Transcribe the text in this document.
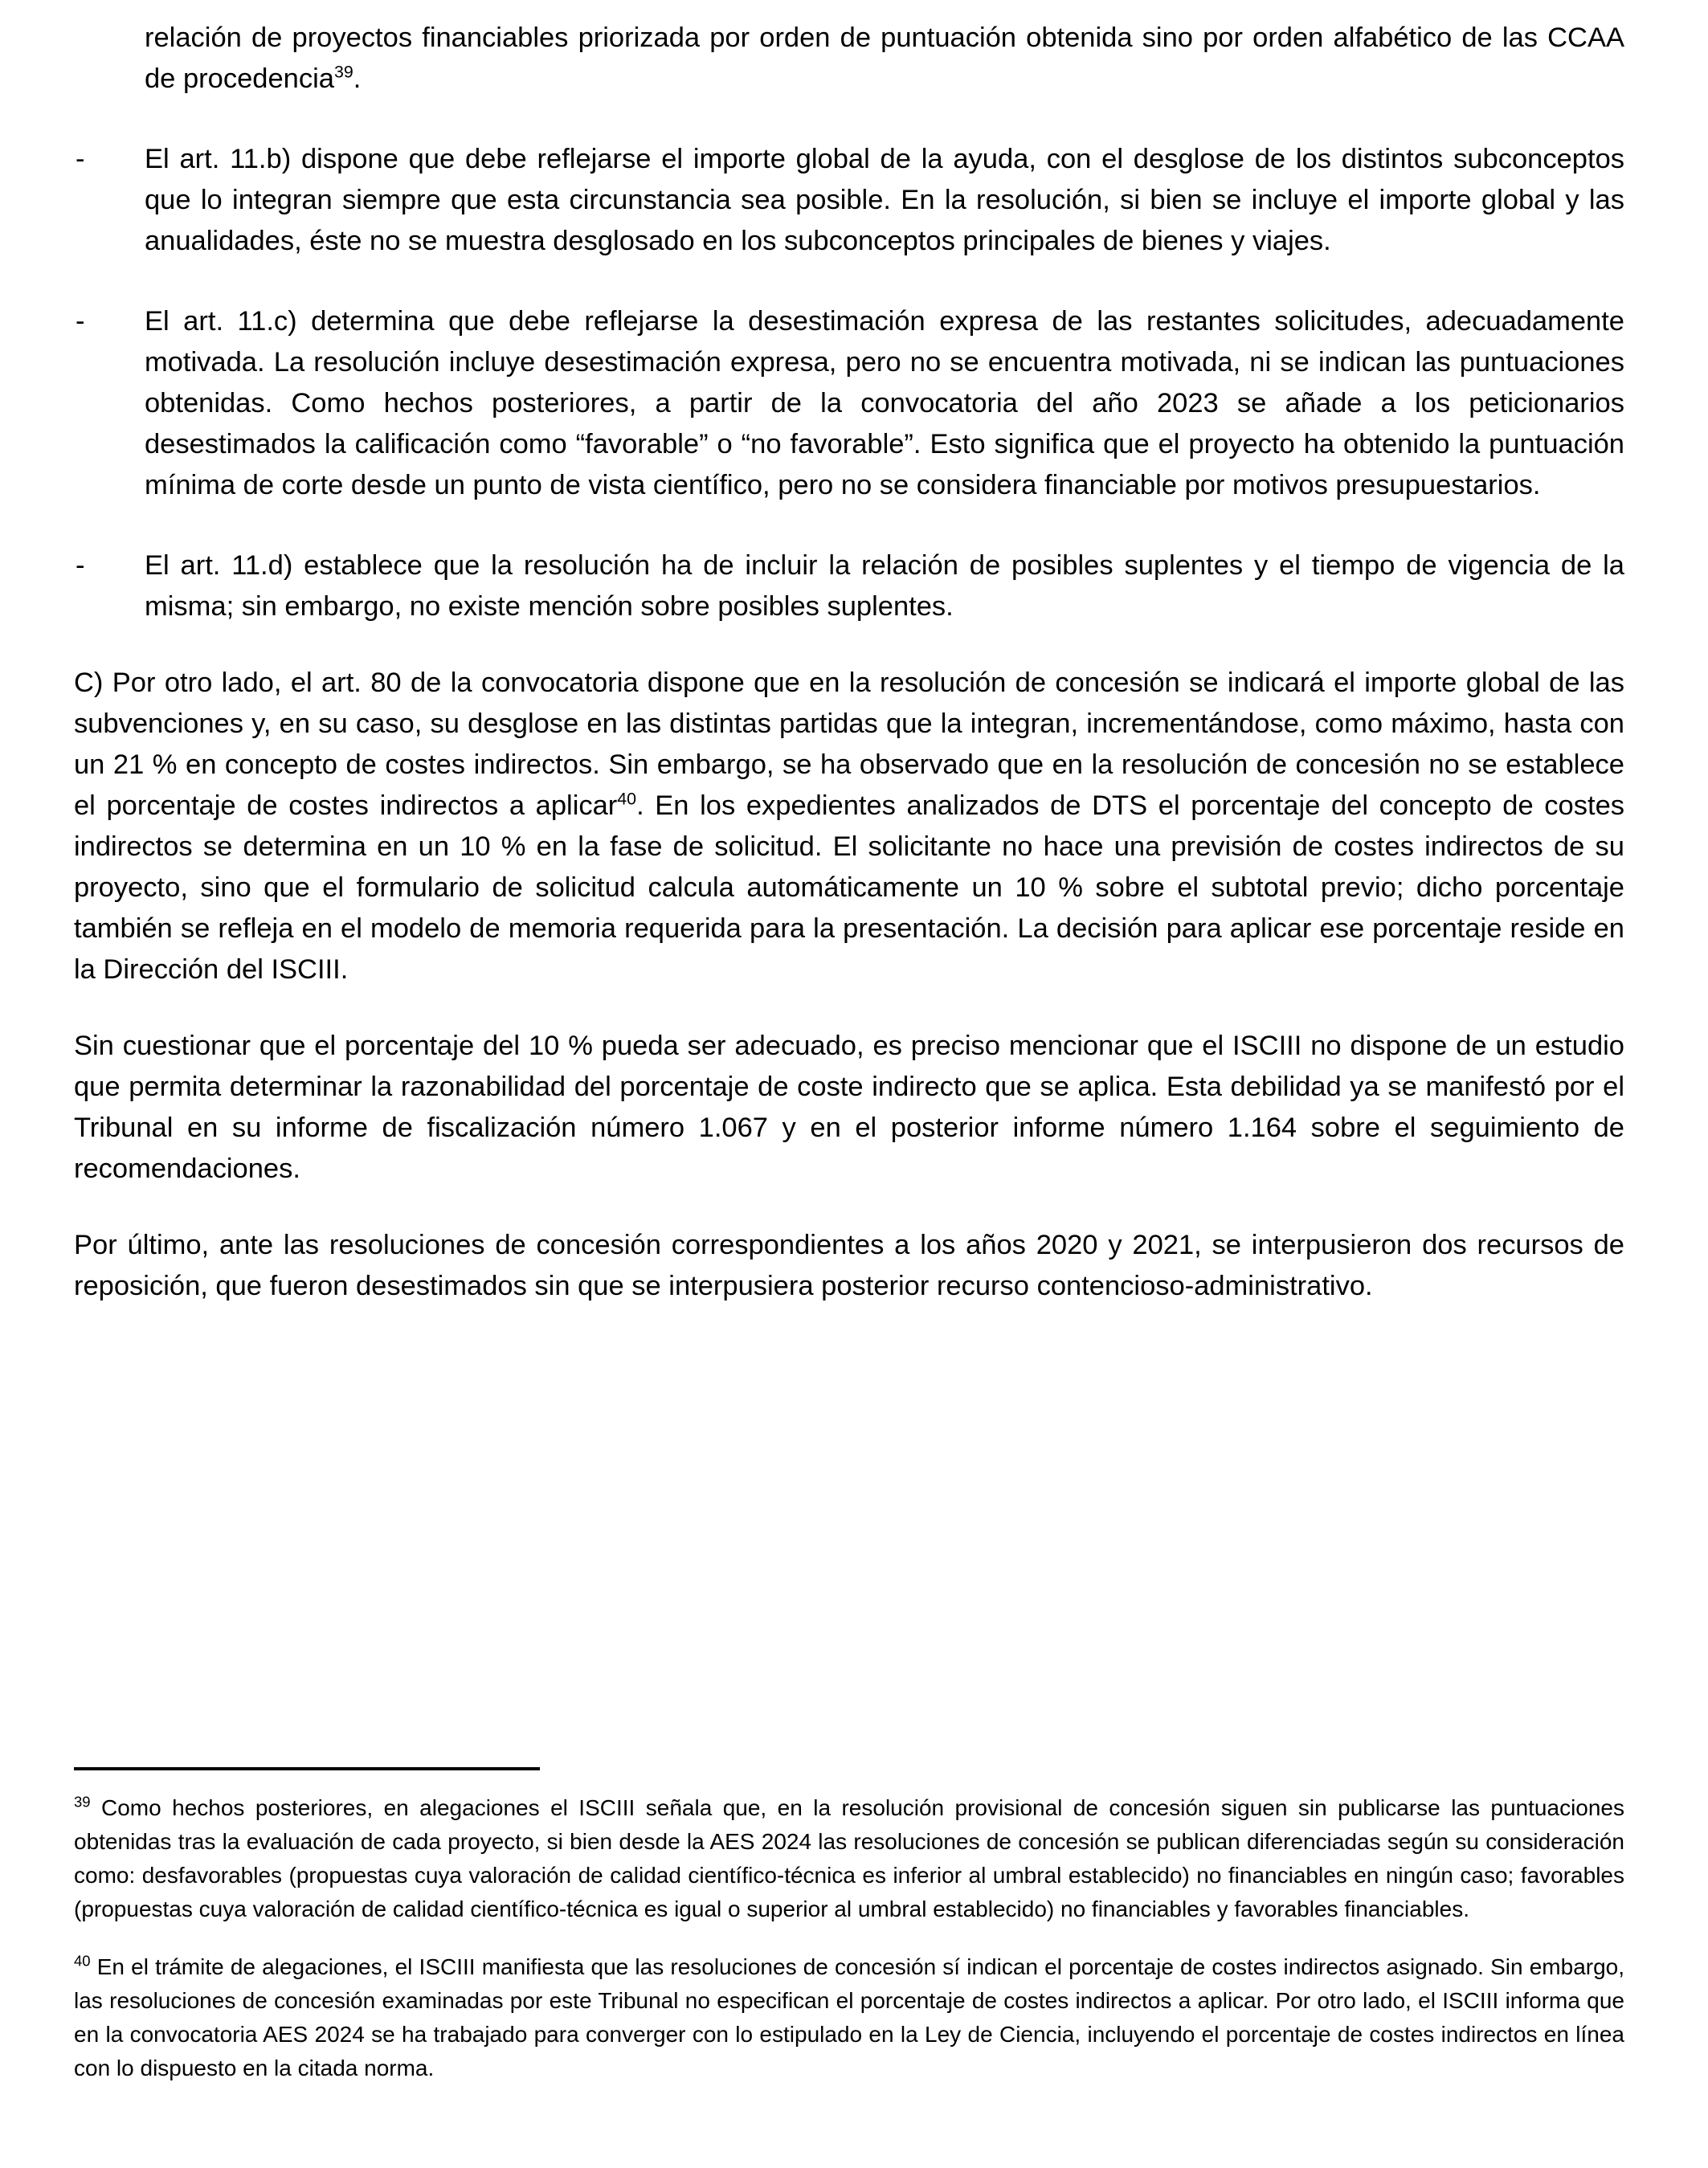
relación de proyectos financiables priorizada por orden de puntuación obtenida sino por orden alfabético de las CCAA de procedencia$^{39}$.

-	El art. 11.b) dispone que debe reflejarse el importe global de la ayuda, con el desglose de los distintos subconceptos que lo integran siempre que esta circunstancia sea posible. En la resolución, si bien se incluye el importe global y las anualidades, éste no se muestra desglosado en los subconceptos principales de bienes y viajes.
-	El art. 11.c) determina que debe reflejarse la desestimación expresa de las restantes solicitudes, adecuadamente motivada. La resolución incluye desestimación expresa, pero no se encuentra motivada, ni se indican las puntuaciones obtenidas. Como hechos posteriores, a partir de la convocatoria del año 2023 se añade a los peticionarios desestimados la calificación como “favorable” o “no favorable”. Esto significa que el proyecto ha obtenido la puntuación mínima de corte desde un punto de vista científico, pero no se considera financiable por motivos presupuestarios.
-	El art. 11.d) establece que la resolución ha de incluir la relación de posibles suplentes y el tiempo de vigencia de la misma; sin embargo, no existe mención sobre posibles suplentes.

C) Por otro lado, el art. 80 de la convocatoria dispone que en la resolución de concesión se indicará el importe global de las subvenciones y, en su caso, su desglose en las distintas partidas que la integran, incrementándose, como máximo, hasta con un 21 % en concepto de costes indirectos. Sin embargo, se ha observado que en la resolución de concesión no se establece el porcentaje de costes indirectos a aplicar$^{40}$. En los expedientes analizados de DTS el porcentaje del concepto de costes indirectos se determina en un 10 % en la fase de solicitud. El solicitante no hace una previsión de costes indirectos de su proyecto, sino que el formulario de solicitud calcula automáticamente un 10 % sobre el subtotal previo; dicho porcentaje también se refleja en el modelo de memoria requerida para la presentación. La decisión para aplicar ese porcentaje reside en la Dirección del ISCIII.

Sin cuestionar que el porcentaje del 10 % pueda ser adecuado, es preciso mencionar que el ISCIII no dispone de un estudio que permita determinar la razonabilidad del porcentaje de coste indirecto que se aplica. Esta debilidad ya se manifestó por el Tribunal en su informe de fiscalización número 1.067 y en el posterior informe número 1.164 sobre el seguimiento de recomendaciones.

Por último, ante las resoluciones de concesión correspondientes a los años 2020 y 2021, se interpusieron dos recursos de reposición, que fueron desestimados sin que se interpusiera posterior recurso contencioso-administrativo.

$^{39}$ Como hechos posteriores, en alegaciones el ISCIII señala que, en la resolución provisional de concesión siguen sin publicarse las puntuaciones obtenidas tras la evaluación de cada proyecto, si bien desde la AES 2024 las resoluciones de concesión se publican diferenciadas según su consideración como: desfavorables (propuestas cuya valoración de calidad científico-técnica es inferior al umbral establecido) no financiables en ningún caso; favorables (propuestas cuya valoración de calidad científico-técnica es igual o superior al umbral establecido) no financiables y favorables financiables.

$^{40}$ En el trámite de alegaciones, el ISCIII manifiesta que las resoluciones de concesión sí indican el porcentaje de costes indirectos asignado. Sin embargo, las resoluciones de concesión examinadas por este Tribunal no especifican el porcentaje de costes indirectos a aplicar. Por otro lado, el ISCIII informa que en la convocatoria AES 2024 se ha trabajado para converger con lo estipulado en la Ley de Ciencia, incluyendo el porcentaje de costes indirectos en línea con lo dispuesto en la citada norma.
